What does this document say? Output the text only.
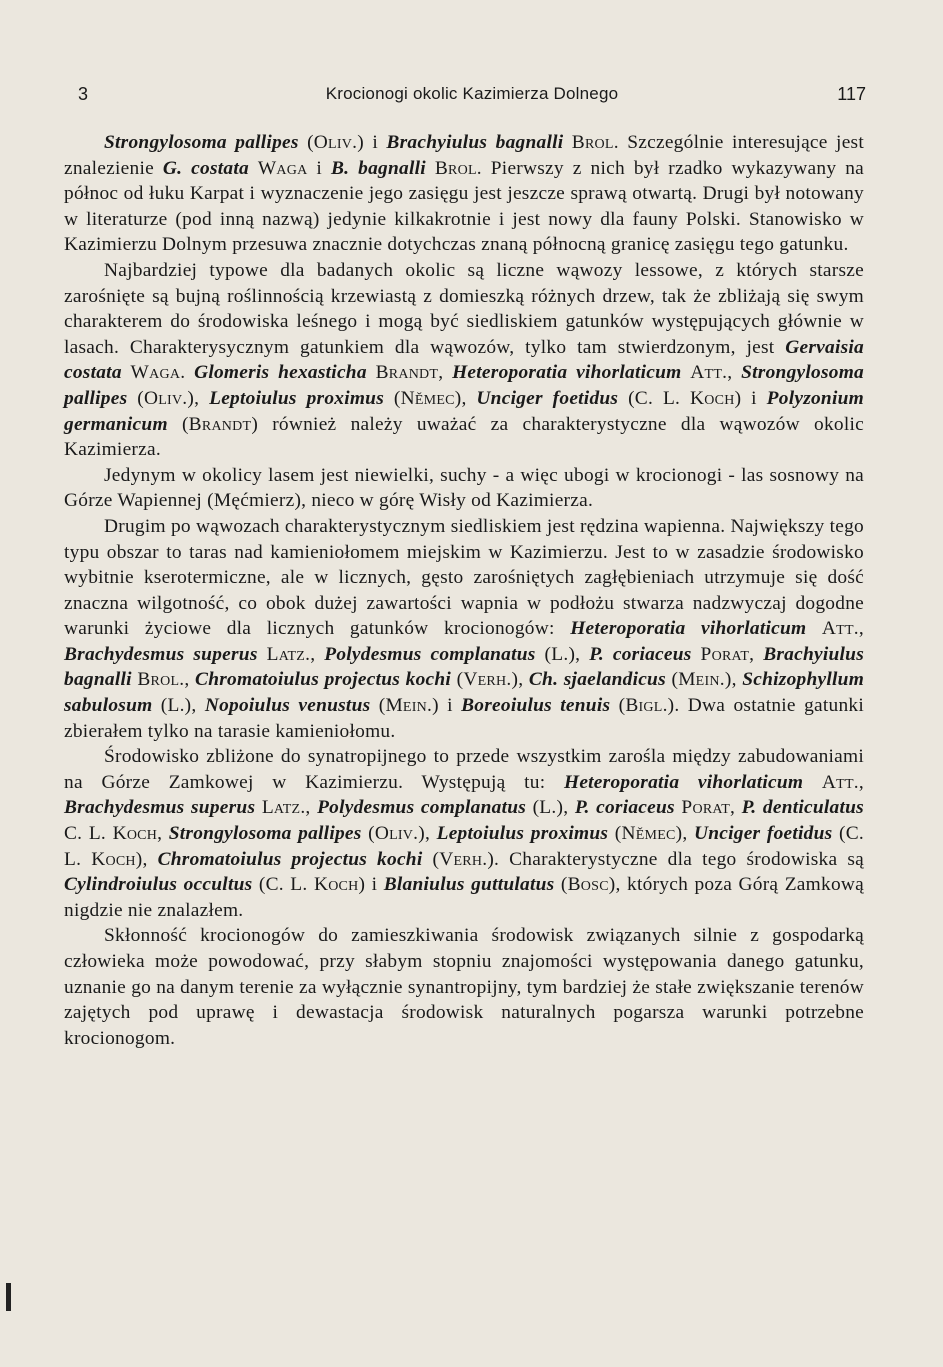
3	Krocionogi okolic Kazimierza Dolnego	117

Strongylosoma pallipes (Oliv.) i Brachyiulus bagnalli Brol. Szczególnie interesujące jest znalezienie G. costata Waga i B. bagnalli Brol. Pierwszy z nich był rzadko wykazywany na północ od łuku Karpat i wyznaczenie jego zasięgu jest jeszcze sprawą otwartą. Drugi był notowany w literaturze (pod inną nazwą) jedynie kilkakrotnie i jest nowy dla fauny Polski. Stanowisko w Kazimierzu Dolnym przesuwa znacznie dotychczas znaną północną granicę zasięgu tego gatunku.

Najbardziej typowe dla badanych okolic są liczne wąwozy lessowe, z których starsze zarośnięte są bujną roślinnością krzewiastą z domieszką różnych drzew, tak że zbliżają się swym charakterem do środowiska leśnego i mogą być siedliskiem gatunków występujących głównie w lasach. Charakterysycznym gatunkiem dla wąwozów, tylko tam stwierdzonym, jest Gervaisia costata Waga. Glomeris hexasticha Brandt, Heteroporatia vihorlaticum Att., Strongylosoma pallipes (Oliv.), Leptoiulus proximus (Němec), Unciger foetidus (C. L. Koch) i Polyzonium germanicum (Brandt) również należy uważać za charakterystyczne dla wąwozów okolic Kazimierza.

Jedynym w okolicy lasem jest niewielki, suchy - a więc ubogi w krocionogi - las sosnowy na Górze Wapiennej (Męćmierz), nieco w górę Wisły od Kazimierza.

Drugim po wąwozach charakterystycznym siedliskiem jest rędzina wapienna. Największy tego typu obszar to taras nad kamieniołomem miejskim w Kazimierzu. Jest to w zasadzie środowisko wybitnie kserotermiczne, ale w licznych, gęsto zarośniętych zagłębieniach utrzymuje się dość znaczna wilgotność, co obok dużej zawartości wapnia w podłożu stwarza nadzwyczaj dogodne warunki życiowe dla licznych gatunków krocionogów: Heteroporatia vihorlaticum Att., Brachydesmus superus Latz., Polydesmus complanatus (L.), P. coriaceus Porat, Brachyiulus bagnalli Brol., Chromatoiulus projectus kochi (Verh.), Ch. sjaelandicus (Mein.), Schizophyllum sabulosum (L.), Nopoiulus venustus (Mein.) i Boreoiulus tenuis (Bigl.). Dwa ostatnie gatunki zbierałem tylko na tarasie kamieniołomu.

Środowisko zbliżone do synatropijnego to przede wszystkim zarośla między zabudowaniami na Górze Zamkowej w Kazimierzu. Występują tu: Heteroporatia vihorlaticum Att., Brachydesmus superus Latz., Polydesmus complanatus (L.), P. coriaceus Porat, P. denticulatus C. L. Koch, Strongylosoma pallipes (Oliv.), Leptoiulus proximus (Němec), Unciger foetidus (C. L. Koch), Chromatoiulus projectus kochi (Verh.). Charakterystyczne dla tego środowiska są Cylindroiulus occultus (C. L. Koch) i Blaniulus guttulatus (Bosc), których poza Górą Zamkową nigdzie nie znalazłem.

Skłonność krocionogów do zamieszkiwania środowisk związanych silnie z gospodarką człowieka może powodować, przy słabym stopniu znajomości występowania danego gatunku, uznanie go na danym terenie za wyłącznie synantropijny, tym bardziej że stałe zwiększanie terenów zajętych pod uprawę i dewastacja środowisk naturalnych pogarsza warunki potrzebne krocionogom.
